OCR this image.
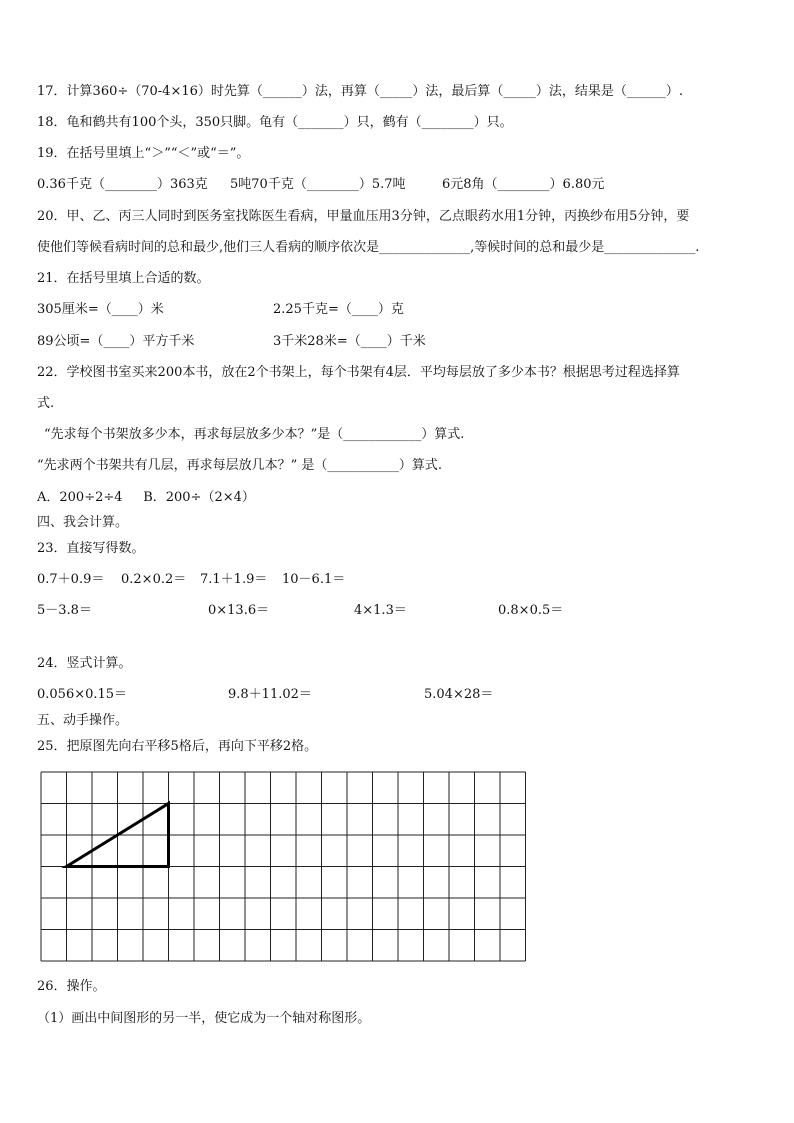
17．计算360÷（70-4×16）时先算（______）法，再算（_____）法，最后算（_____）法，结果是（______）.
18．龟和鹤共有100个头，350只脚。龟有（_______）只，鹤有（________）只。
19．在括号里填上“＞”“＜”或“＝”。
0.36千克（________）363克 5吨70千克（________）5.7吨	6元8角（________）6.80元
20．甲、乙、丙三人同时到医务室找陈医生看病，甲量血压用3分钟，乙点眼药水用1分钟，丙换纱布用5分钟，要
使他们等候看病时间的总和最少,他们三人看病的顺序依次是______________,等候时间的总和最少是______________.
21．在括号里填上合适的数。
305厘米=（____）米	2.25千克=（____）克
89公顷=（____）平方千米	3千米28米=（____）千米
22．学校图书室买来200本书，放在2个书架上，每个书架有4层．平均每层放了多少本书？根据思考过程选择算
式.
“先求每个书架放多少本，再求每层放多少本？”是（____________）算式.
“先求两个书架共有几层，再求每层放几本？” 是（___________）算式.
A．200÷2÷4     B．200÷（2×4）
四、我会计算。
23．直接写得数。
0.7＋0.9＝ 0.2×0.2＝ 7.1＋1.9＝ 10－6.1＝
5－3.8＝	0×13.6＝	4×1.3＝	0.8×0.5＝
24．竖式计算。
0.056×0.15＝	9.8＋11.02＝	5.04×28＝
五、动手操作。
25．把原图先向右平移5格后，再向下平移2格。
26．操作。
（1）画出中间图形的另一半，使它成为一个轴对称图形。
